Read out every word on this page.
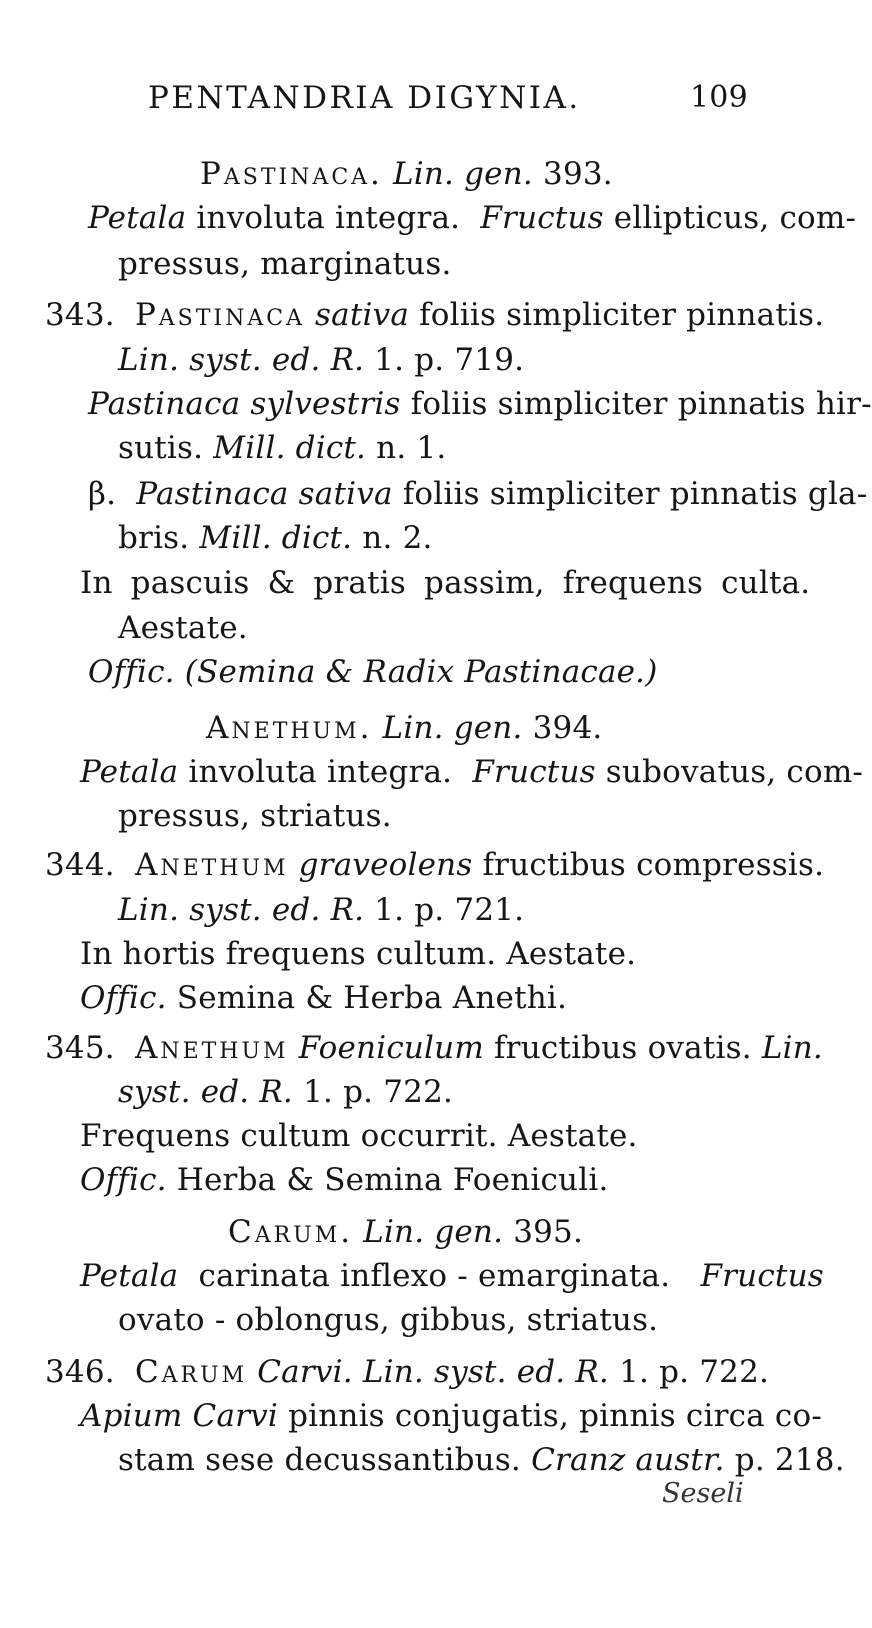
PENTANDRIA DIGYNIA.	109
Pastinaca. Lin. gen. 393.
Petala involuta integra. Fructus ellipticus, com-
pressus, marginatus.
343. Pastinaca sativa foliis simpliciter pinnatis.
Lin. syst. ed. R. 1. p. 719.
Pastinaca sylvestris foliis simpliciter pinnatis hir-
sutis. Mill. dict. n. 1.
β. Pastinaca sativa foliis simpliciter pinnatis gla-
bris. Mill. dict. n. 2.
In pascuis & pratis passim, frequens culta.
Aestate.
Offic. (Semina & Radix Pastinacae.)
Anethum. Lin. gen. 394.
Petala involuta integra. Fructus subovatus, com-
pressus, striatus.
344. Anethum graveolens fructibus compressis.
Lin. syst. ed. R. 1. p. 721.
In hortis frequens cultum. Aestate.
Offic. Semina & Herba Anethi.
345. Anethum Foeniculum fructibus ovatis. Lin.
syst. ed. R. 1. p. 722.
Frequens cultum occurrit. Aestate.
Offic. Herba & Semina Foeniculi.
Carum. Lin. gen. 395.
Petala carinata inflexo - emarginata. Fructus
ovato - oblongus, gibbus, striatus.
346. Carum Carvi. Lin. syst. ed. R. 1. p. 722.
Apium Carvi pinnis conjugatis, pinnis circa co-
stam sese decussantibus. Cranz austr. p. 218.
Seseli
